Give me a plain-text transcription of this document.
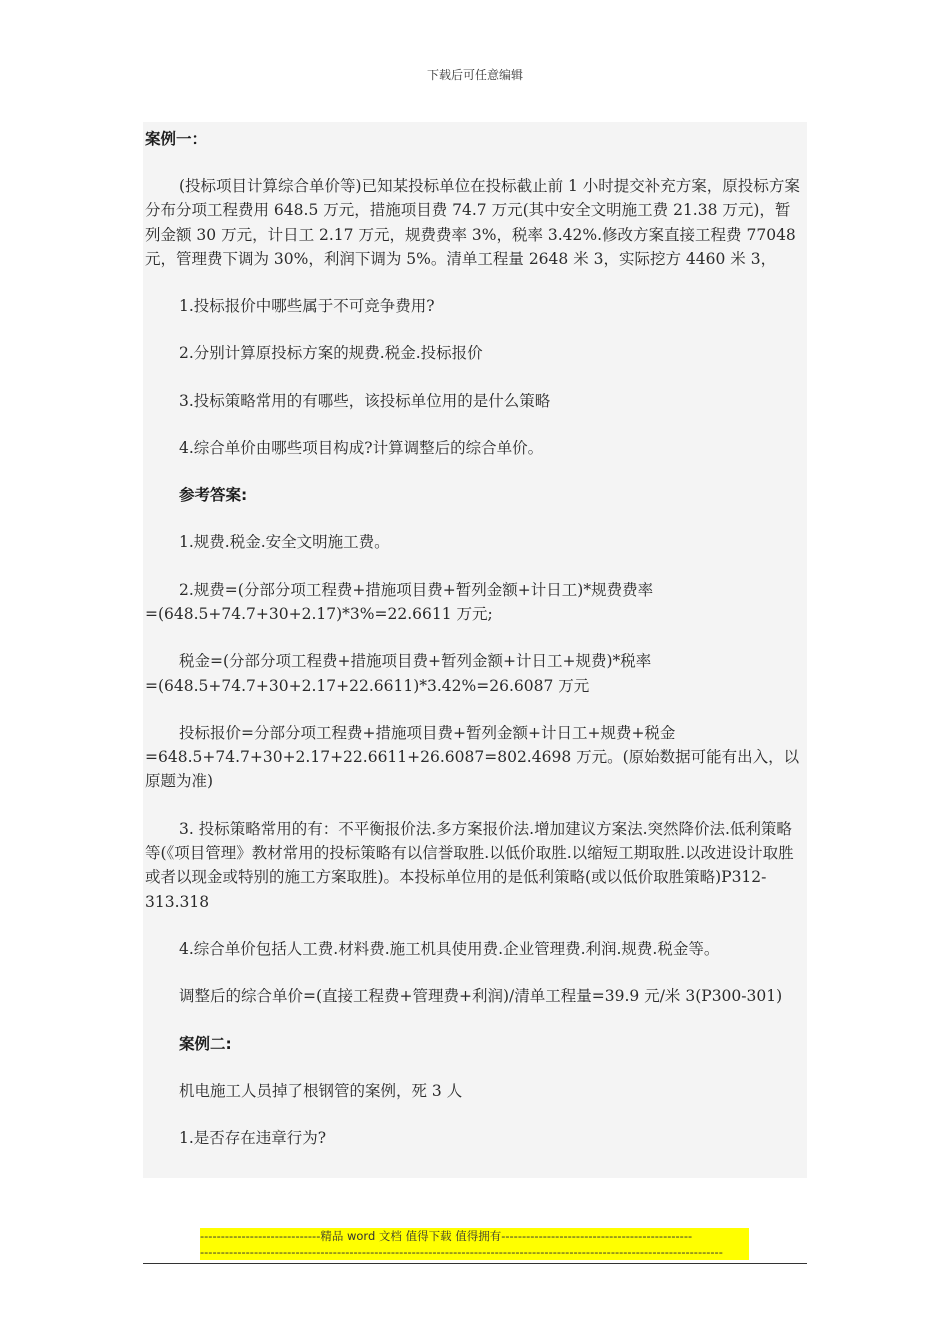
下载后可任意编辑

案例一：

(投标项目计算综合单价等)已知某投标单位在投标截止前 1 小时提交补充方案，原投标方案分布分项工程费用 648.5 万元，措施项目费 74.7 万元(其中安全文明施工费 21.38 万元)，暂列金额 30 万元，计日工 2.17 万元，规费费率 3%，税率 3.42%.修改方案直接工程费 77048 元，管理费下调为 30%，利润下调为 5%。清单工程量 2648 米 3，实际挖方 4460 米 3，

1.投标报价中哪些属于不可竞争费用?

2.分别计算原投标方案的规费.税金.投标报价

3.投标策略常用的有哪些，该投标单位用的是什么策略

4.综合单价由哪些项目构成?计算调整后的综合单价。

参考答案:

1.规费.税金.安全文明施工费。

2.规费=(分部分项工程费+措施项目费+暂列金额+计日工)*规费费率

=(648.5+74.7+30+2.17)*3%=22.6611 万元;

税金=(分部分项工程费+措施项目费+暂列金额+计日工+规费)*税率

=(648.5+74.7+30+2.17+22.6611)*3.42%=26.6087 万元

投标报价=分部分项工程费+措施项目费+暂列金额+计日工+规费+税金

=648.5+74.7+30+2.17+22.6611+26.6087=802.4698 万元。(原始数据可能有出入，以原题为准)

3. 投标策略常用的有：不平衡报价法.多方案报价法.增加建议方案法.突然降价法.低利策略等(《项目管理》教材常用的投标策略有以信誉取胜.以低价取胜.以缩短工期取胜.以改进设计取胜或者以现金或特别的施工方案取胜)。本投标单位用的是低利策略(或以低价取胜策略)P312-313.318

4.综合单价包括人工费.材料费.施工机具使用费.企业管理费.利润.规费.税金等。

调整后的综合单价=(直接工程费+管理费+利润)/清单工程量=39.9 元/米 3(P300-301)

案例二:

机电施工人员掉了根钢管的案例，死 3 人

1.是否存在违章行为?

-----------------------------精品 word 文档 值得下载 值得拥有----------------------------------------------
------------------------------------------------------------------------------------------------------------------------------
